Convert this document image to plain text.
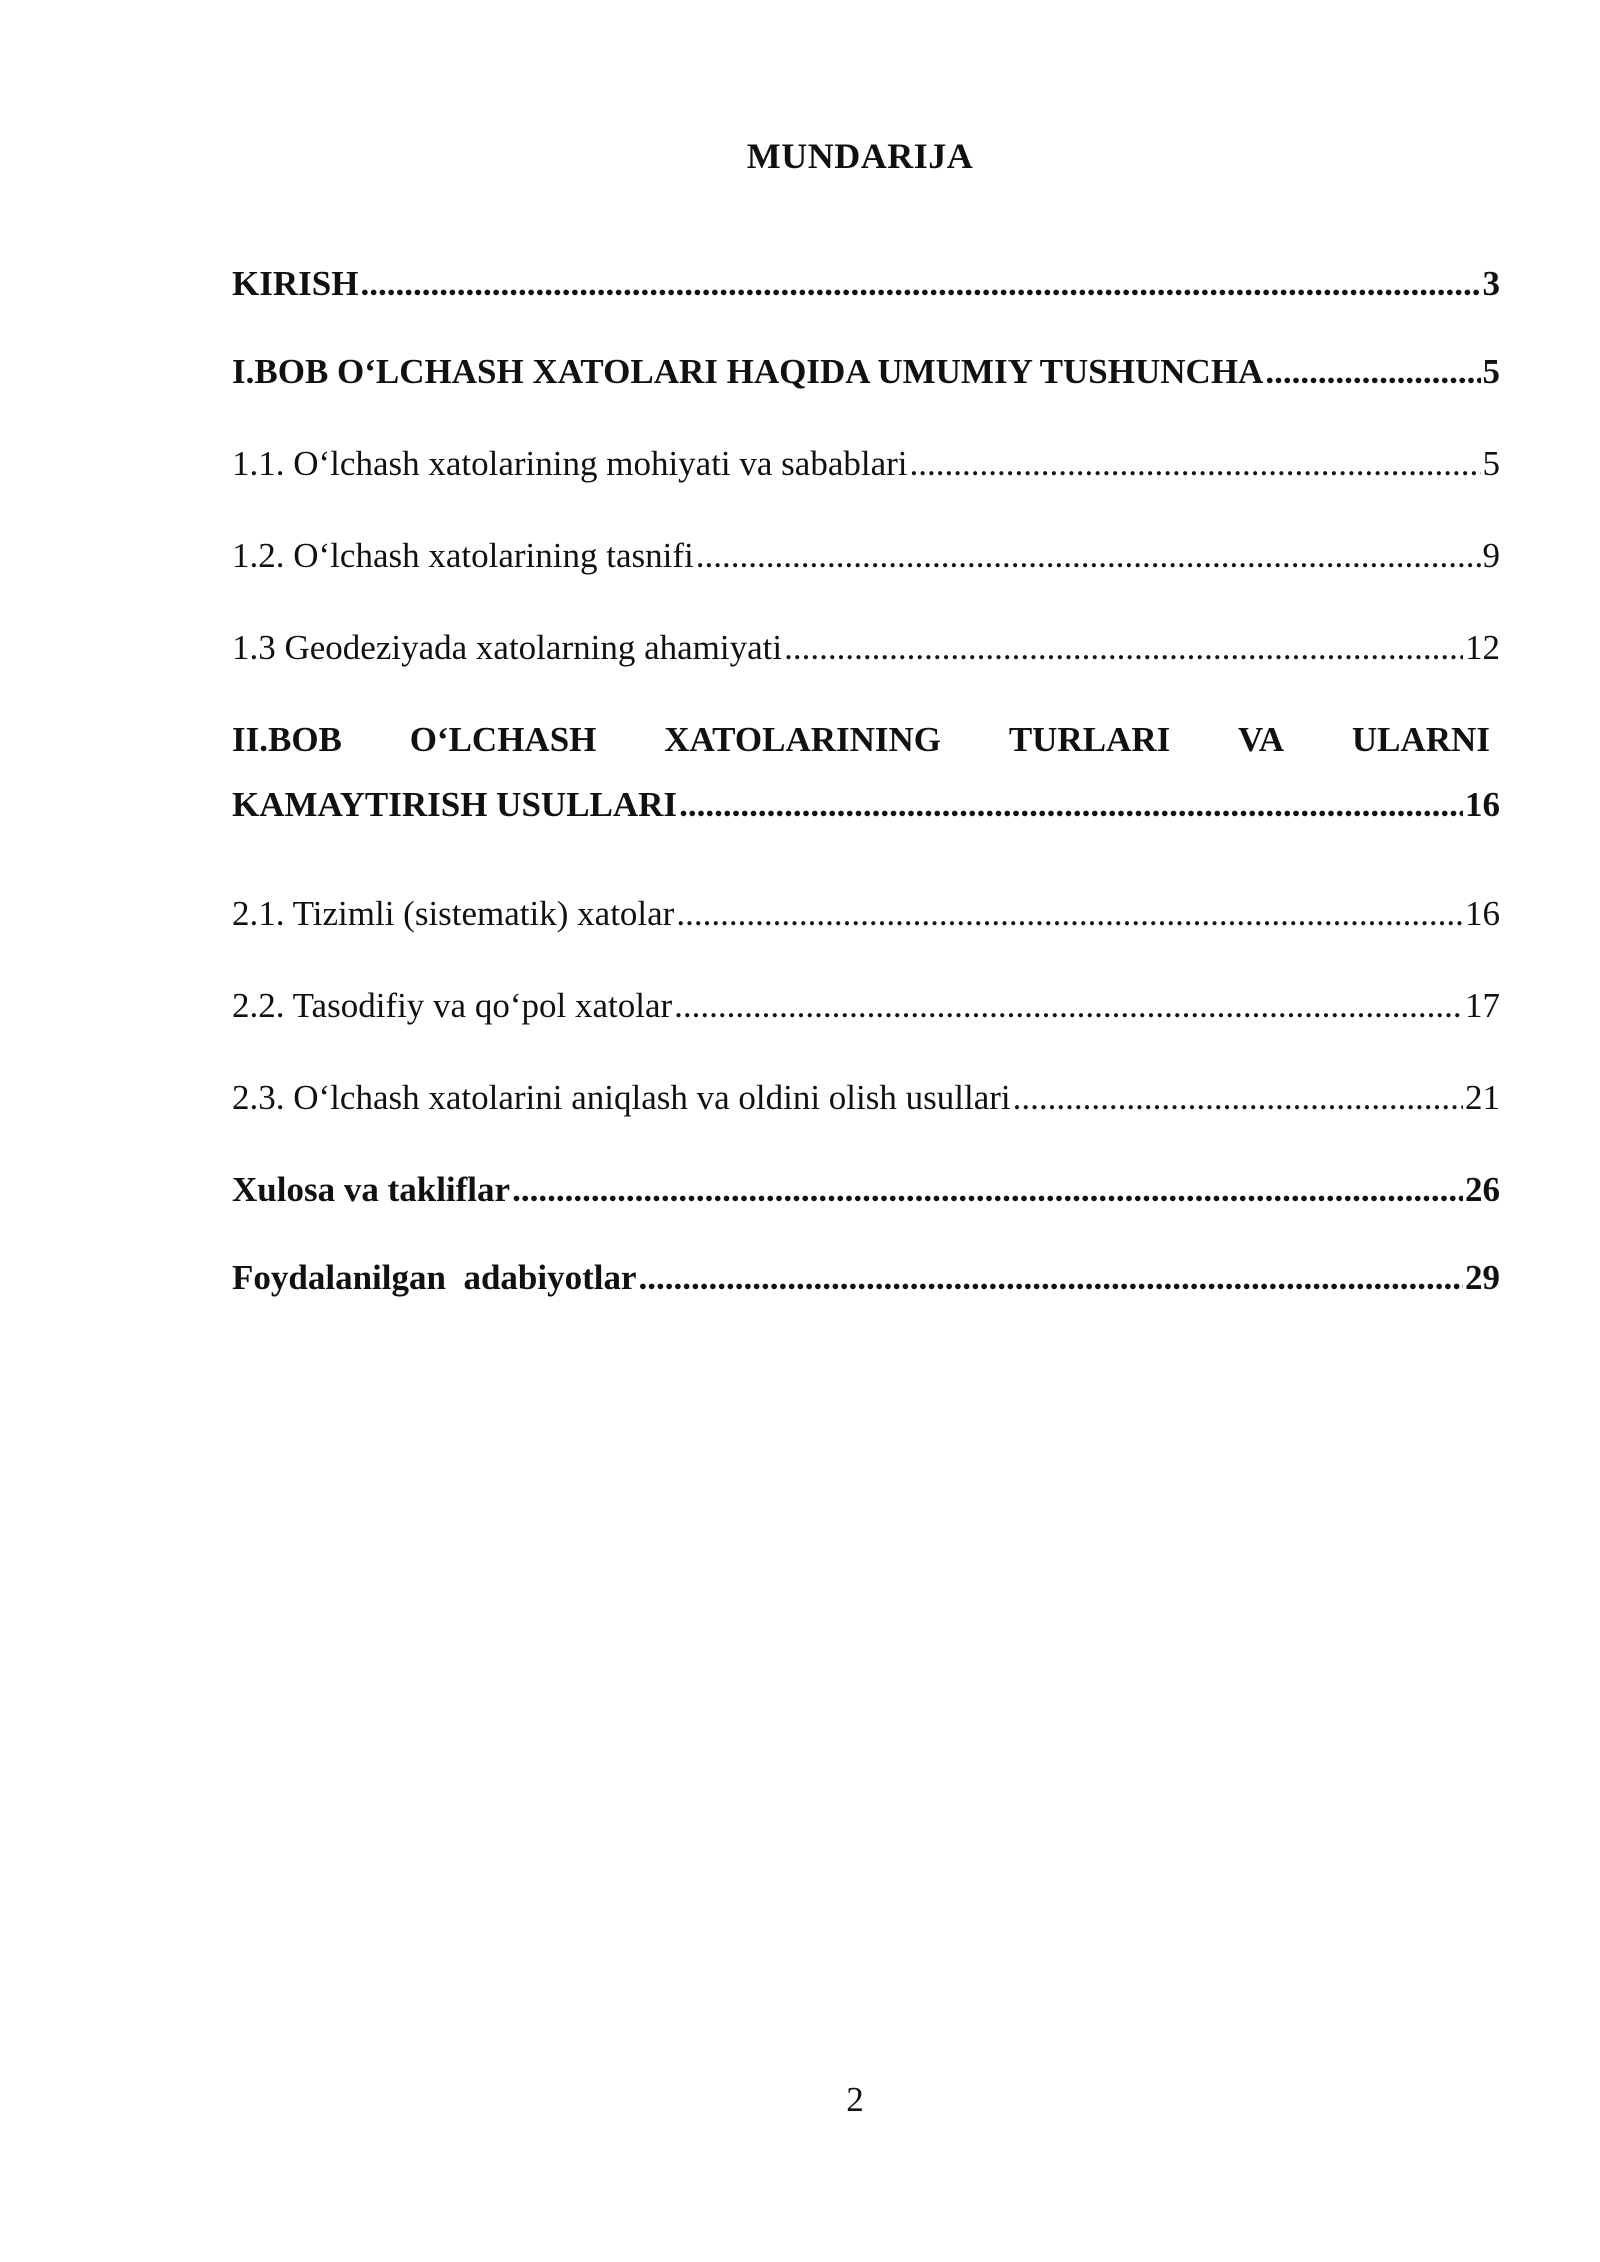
MUNDARIJA
KIRISH .....	3
I.BOB O‘LCHASH XATOLARI HAQIDA UMUMIY TUSHUNCHA .....	5
1.1. O‘lchash xatolarining mohiyati va sabablari .....	5
1.2. O‘lchash xatolarining tasnifi .....	9
1.3 Geodeziyada xatolarning ahamiyati .....	12
II.BOB O‘LCHASH XATOLARINING TURLARI VA ULARNI
KAMAYTIRISH USULLARI .....	16
2.1. Tizimli (sistematik) xatolar .....	16
2.2. Tasodifiy va qo‘pol xatolar .....	17
2.3. O‘lchash xatolarini aniqlash va oldini olish usullari .....	21
Xulosa va takliflar .....	26
Foydalanilgan  adabiyotlar .....	29
2
